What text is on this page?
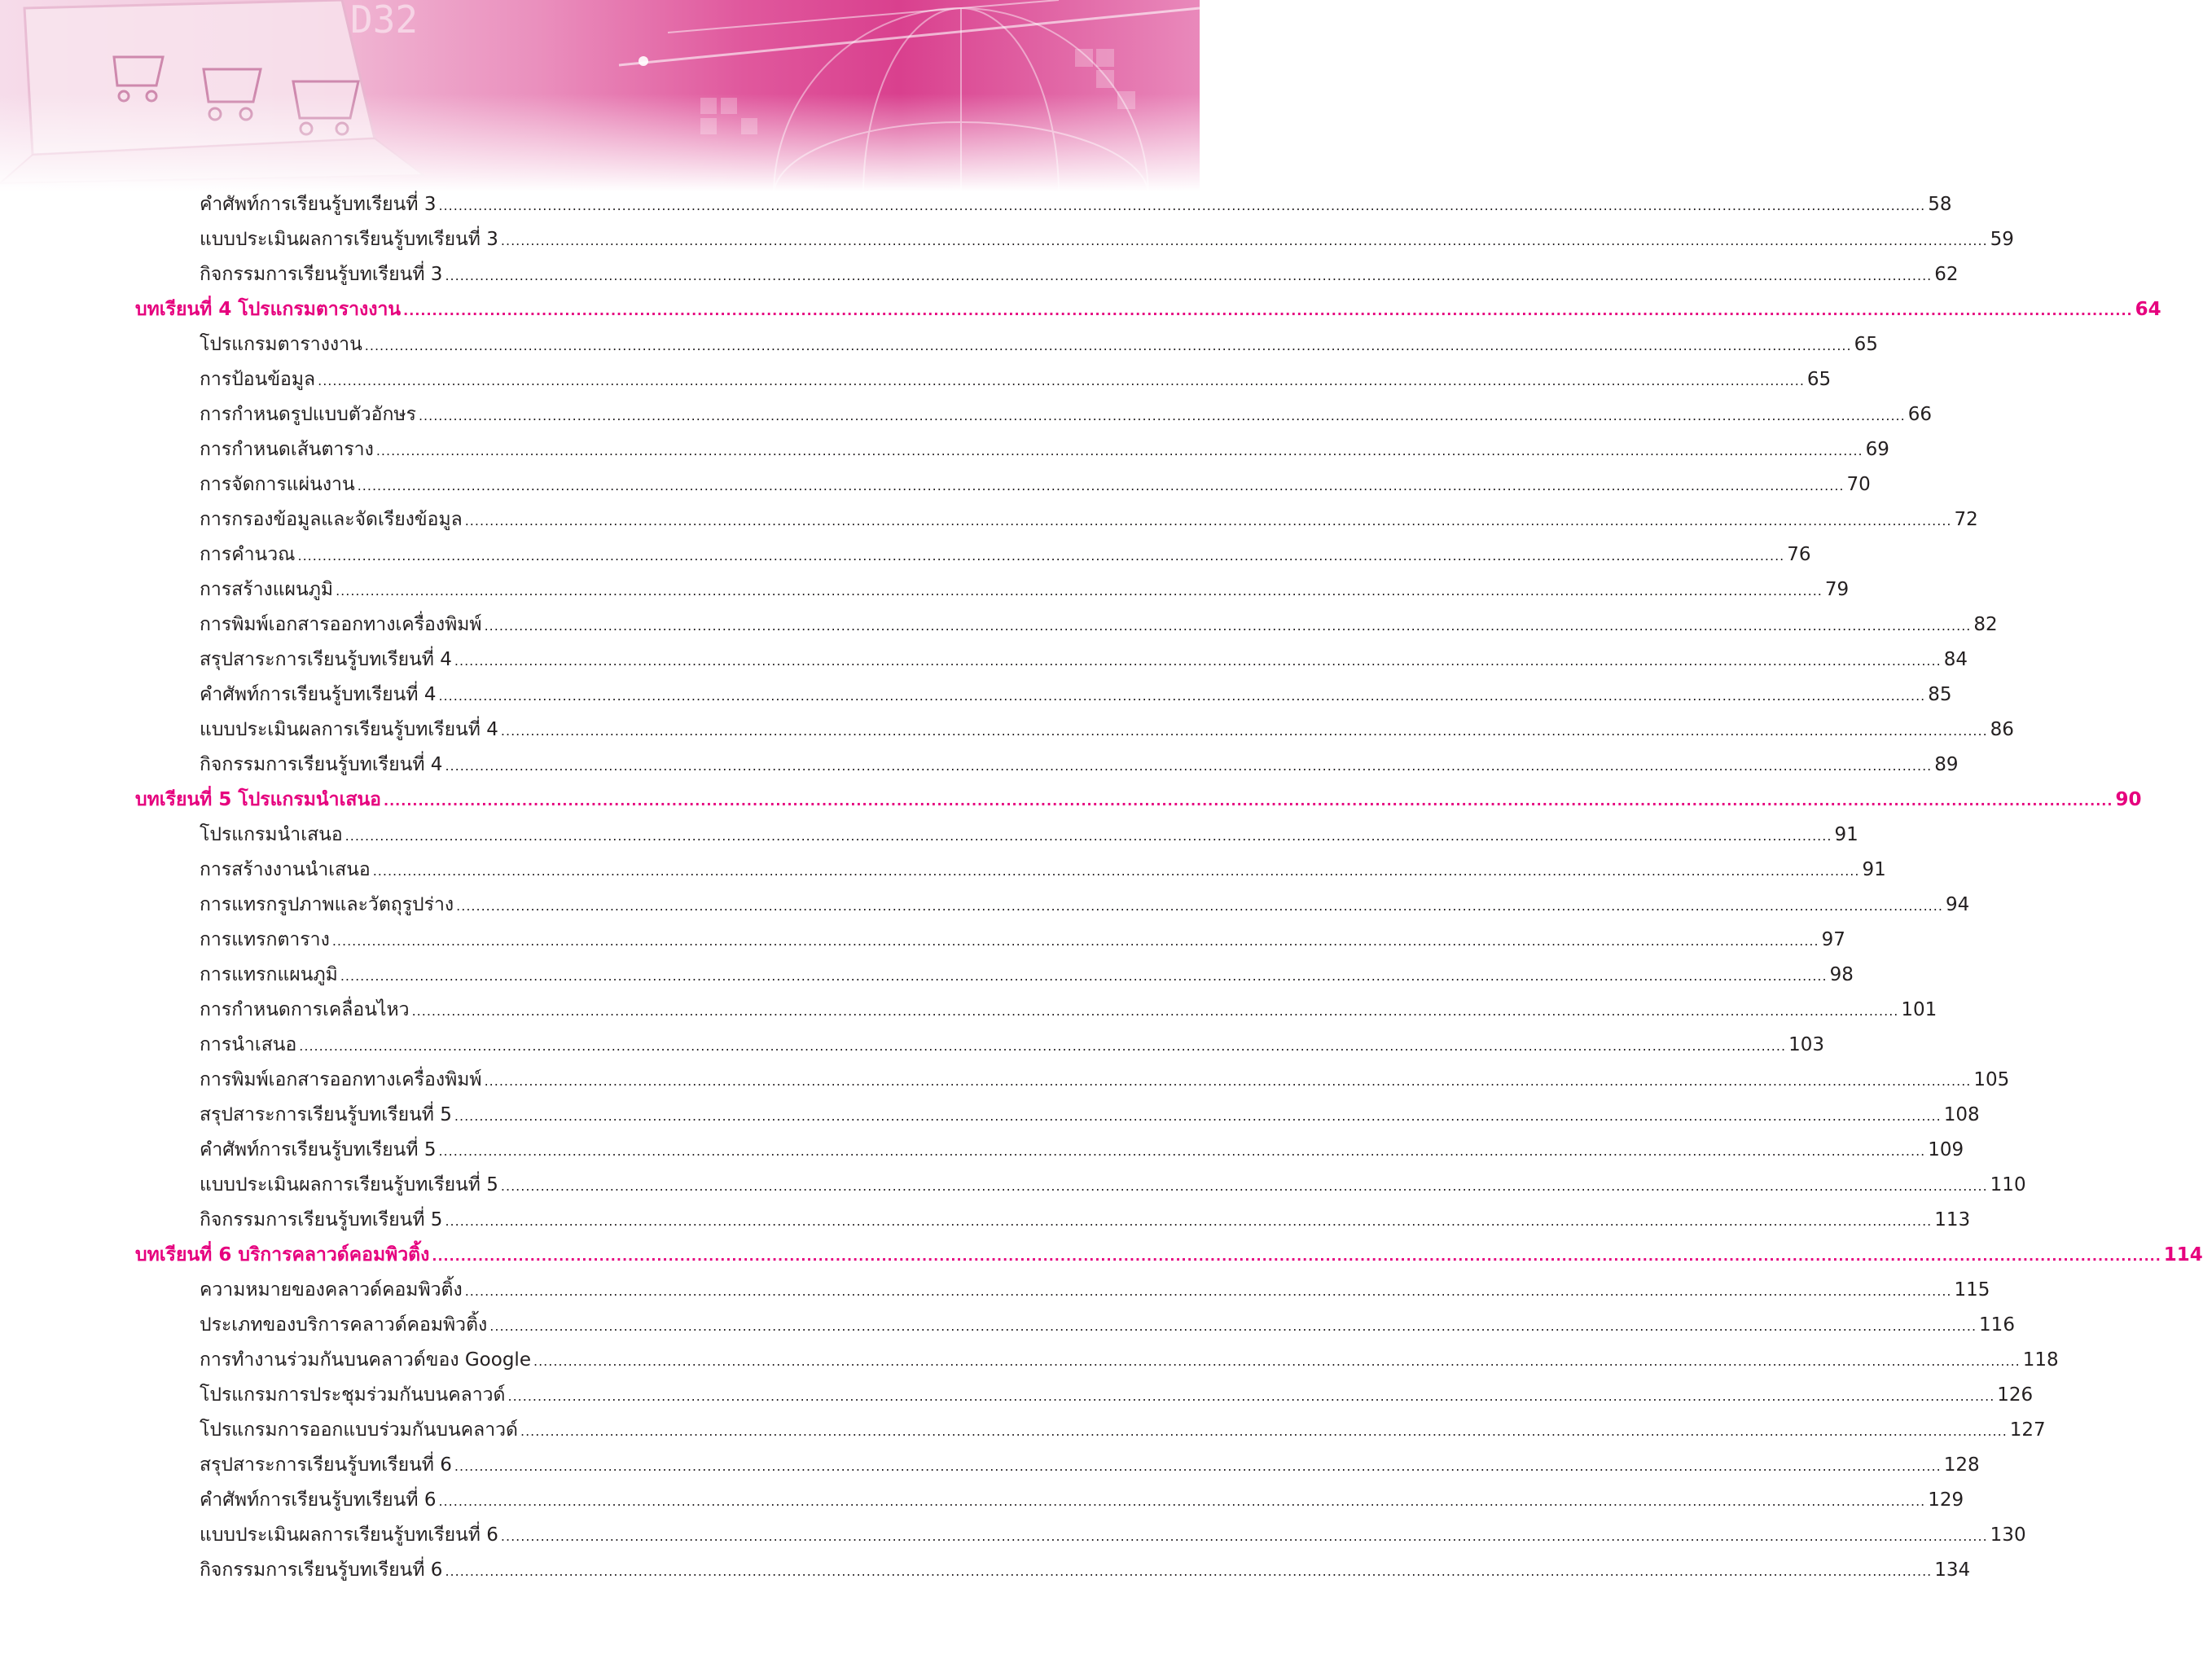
D32
คำศัพท์การเรียนรู้บทเรียนที่ 3 ............................................................................................................................................................................................................................................................................................................ 58
แบบประเมินผลการเรียนรู้บทเรียนที่ 3 ............................................................................................................................................................................................................................................................................................................ 59
กิจกรรมการเรียนรู้บทเรียนที่ 3 ............................................................................................................................................................................................................................................................................................................ 62
บทเรียนที่ 4 โปรแกรมตารางงาน ............................................................................................................................................................................................................................................................................................................ 64
โปรแกรมตารางงาน ............................................................................................................................................................................................................................................................................................................ 65
การป้อนข้อมูล ............................................................................................................................................................................................................................................................................................................ 65
การกำหนดรูปแบบตัวอักษร ............................................................................................................................................................................................................................................................................................................ 66
การกำหนดเส้นตาราง ............................................................................................................................................................................................................................................................................................................ 69
การจัดการแผ่นงาน ............................................................................................................................................................................................................................................................................................................ 70
การกรองข้อมูลและจัดเรียงข้อมูล ............................................................................................................................................................................................................................................................................................................ 72
การคำนวณ ............................................................................................................................................................................................................................................................................................................ 76
การสร้างแผนภูมิ ............................................................................................................................................................................................................................................................................................................ 79
การพิมพ์เอกสารออกทางเครื่องพิมพ์ ............................................................................................................................................................................................................................................................................................................ 82
สรุปสาระการเรียนรู้บทเรียนที่ 4 ............................................................................................................................................................................................................................................................................................................ 84
คำศัพท์การเรียนรู้บทเรียนที่ 4 ............................................................................................................................................................................................................................................................................................................ 85
แบบประเมินผลการเรียนรู้บทเรียนที่ 4 ............................................................................................................................................................................................................................................................................................................ 86
กิจกรรมการเรียนรู้บทเรียนที่ 4 ............................................................................................................................................................................................................................................................................................................ 89
บทเรียนที่ 5 โปรแกรมนำเสนอ ............................................................................................................................................................................................................................................................................................................ 90
โปรแกรมนำเสนอ ............................................................................................................................................................................................................................................................................................................ 91
การสร้างงานนำเสนอ ............................................................................................................................................................................................................................................................................................................ 91
การแทรกรูปภาพและวัตถุรูปร่าง ............................................................................................................................................................................................................................................................................................................ 94
การแทรกตาราง ............................................................................................................................................................................................................................................................................................................ 97
การแทรกแผนภูมิ ............................................................................................................................................................................................................................................................................................................ 98
การกำหนดการเคลื่อนไหว ............................................................................................................................................................................................................................................................................................................ 101
การนำเสนอ ............................................................................................................................................................................................................................................................................................................ 103
การพิมพ์เอกสารออกทางเครื่องพิมพ์ ............................................................................................................................................................................................................................................................................................................ 105
สรุปสาระการเรียนรู้บทเรียนที่ 5 ............................................................................................................................................................................................................................................................................................................ 108
คำศัพท์การเรียนรู้บทเรียนที่ 5 ............................................................................................................................................................................................................................................................................................................ 109
แบบประเมินผลการเรียนรู้บทเรียนที่ 5 ............................................................................................................................................................................................................................................................................................................ 110
กิจกรรมการเรียนรู้บทเรียนที่ 5 ............................................................................................................................................................................................................................................................................................................ 113
บทเรียนที่ 6 บริการคลาวด์คอมพิวติ้ง ............................................................................................................................................................................................................................................................................................................ 114
ความหมายของคลาวด์คอมพิวติ้ง ............................................................................................................................................................................................................................................................................................................ 115
ประเภทของบริการคลาวด์คอมพิวติ้ง ............................................................................................................................................................................................................................................................................................................ 116
การทำงานร่วมกันบนคลาวด์ของ Google ............................................................................................................................................................................................................................................................................................................ 118
โปรแกรมการประชุมร่วมกันบนคลาวด์ ............................................................................................................................................................................................................................................................................................................ 126
โปรแกรมการออกแบบร่วมกันบนคลาวด์ ............................................................................................................................................................................................................................................................................................................ 127
สรุปสาระการเรียนรู้บทเรียนที่ 6 ............................................................................................................................................................................................................................................................................................................ 128
คำศัพท์การเรียนรู้บทเรียนที่ 6 ............................................................................................................................................................................................................................................................................................................ 129
แบบประเมินผลการเรียนรู้บทเรียนที่ 6 ............................................................................................................................................................................................................................................................................................................ 130
กิจกรรมการเรียนรู้บทเรียนที่ 6 ............................................................................................................................................................................................................................................................................................................ 134
